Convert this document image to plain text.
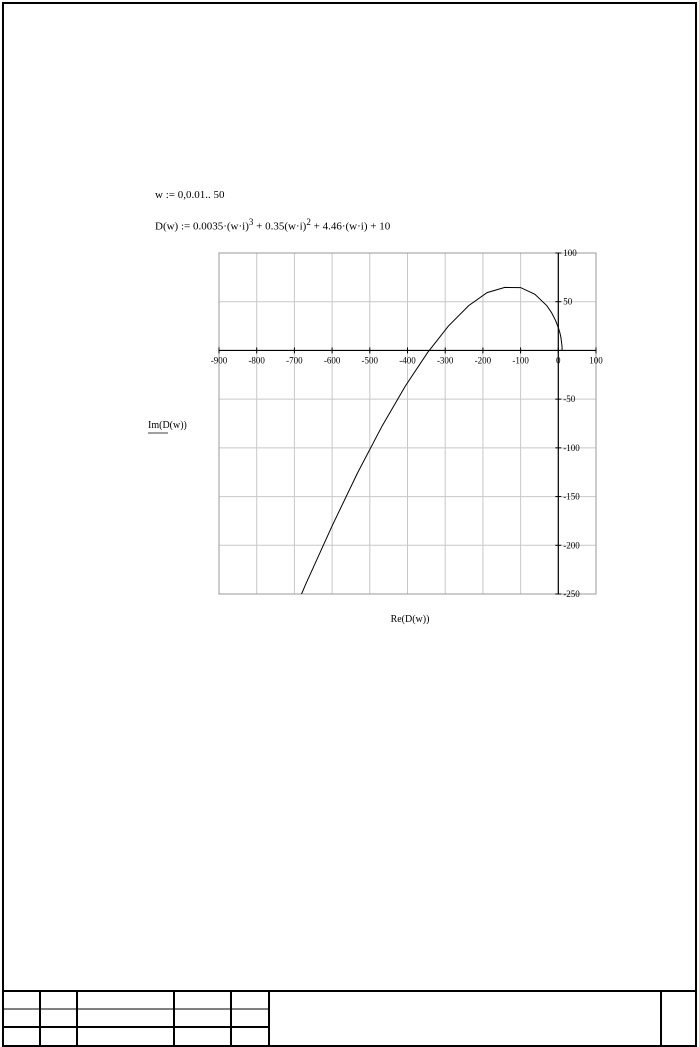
w := 0,0.01.. 50
D(w) := $0.0035\cdot(w\cdot i)^3 + 0.35(w\cdot i)^2 + 4.46\cdot(w\cdot i) + 10$
-900 -800 -700 -600 -500 -400 -300 -200 -100	0	100
100
50
-50
-100
-150
-200
-250
Im(D(w))
Re(D(w))
